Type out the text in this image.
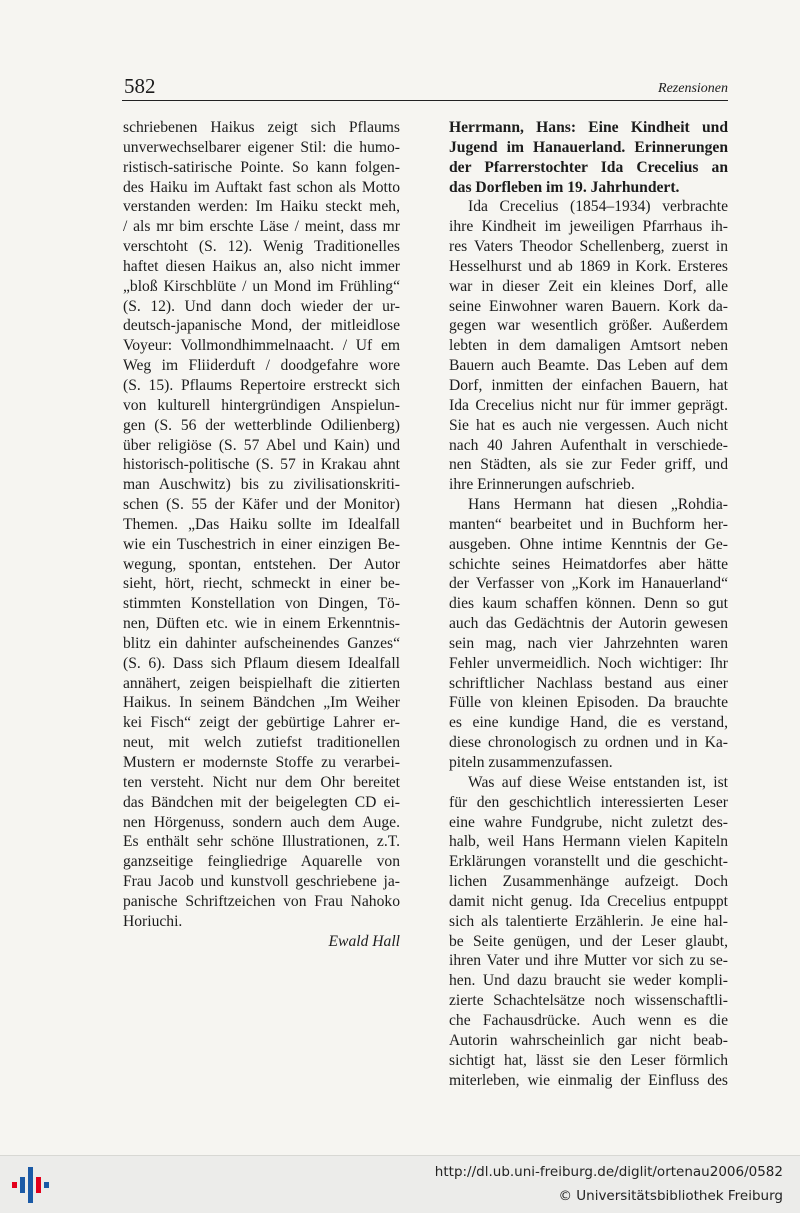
582	Rezensionen
schriebenen Haikus zeigt sich Pflaums
unverwechselbarer eigener Stil: die humo-
ristisch-satirische Pointe. So kann folgen-
des Haiku im Auftakt fast schon als Motto
verstanden werden: Im Haiku steckt meh,
/ als mr bim erschte Läse / meint, dass mr
verschtoht (S. 12). Wenig Traditionelles
haftet diesen Haikus an, also nicht immer
„bloß Kirschblüte / un Mond im Frühling“
(S. 12). Und dann doch wieder der ur-
deutsch-japanische Mond, der mitleidlose
Voyeur: Vollmondhimmelnaacht. / Uf em
Weg im Fliiderduft / doodgefahre wore
(S. 15). Pflaums Repertoire erstreckt sich
von kulturell hintergründigen Anspielun-
gen (S. 56 der wetterblinde Odilienberg)
über religiöse (S. 57 Abel und Kain) und
historisch-politische (S. 57 in Krakau ahnt
man Auschwitz) bis zu zivilisationskriti-
schen (S. 55 der Käfer und der Monitor)
Themen. „Das Haiku sollte im Idealfall
wie ein Tuschestrich in einer einzigen Be-
wegung, spontan, entstehen. Der Autor
sieht, hört, riecht, schmeckt in einer be-
stimmten Konstellation von Dingen, Tö-
nen, Düften etc. wie in einem Erkenntnis-
blitz ein dahinter aufscheinendes Ganzes“
(S. 6). Dass sich Pflaum diesem Idealfall
annähert, zeigen beispielhaft die zitierten
Haikus. In seinem Bändchen „Im Weiher
kei Fisch“ zeigt der gebürtige Lahrer er-
neut, mit welch zutiefst traditionellen
Mustern er modernste Stoffe zu verarbei-
ten versteht. Nicht nur dem Ohr bereitet
das Bändchen mit der beigelegten CD ei-
nen Hörgenuss, sondern auch dem Auge.
Es enthält sehr schöne Illustrationen, z.T.
ganzseitige feingliedrige Aquarelle von
Frau Jacob und kunstvoll geschriebene ja-
panische Schriftzeichen von Frau Nahoko
Horiuchi.
Ewald Hall
Herrmann, Hans: Eine Kindheit und
Jugend im Hanauerland. Erinnerungen
der Pfarrerstochter Ida Crecelius an
das Dorfleben im 19. Jahrhundert.
Ida Crecelius (1854–1934) verbrachte
ihre Kindheit im jeweiligen Pfarrhaus ih-
res Vaters Theodor Schellenberg, zuerst in
Hesselhurst und ab 1869 in Kork. Ersteres
war in dieser Zeit ein kleines Dorf, alle
seine Einwohner waren Bauern. Kork da-
gegen war wesentlich größer. Außerdem
lebten in dem damaligen Amtsort neben
Bauern auch Beamte. Das Leben auf dem
Dorf, inmitten der einfachen Bauern, hat
Ida Crecelius nicht nur für immer geprägt.
Sie hat es auch nie vergessen. Auch nicht
nach 40 Jahren Aufenthalt in verschiede-
nen Städten, als sie zur Feder griff, und
ihre Erinnerungen aufschrieb.
Hans Hermann hat diesen „Rohdia-
manten“ bearbeitet und in Buchform her-
ausgeben. Ohne intime Kenntnis der Ge-
schichte seines Heimatdorfes aber hätte
der Verfasser von „Kork im Hanauerland“
dies kaum schaffen können. Denn so gut
auch das Gedächtnis der Autorin gewesen
sein mag, nach vier Jahrzehnten waren
Fehler unvermeidlich. Noch wichtiger: Ihr
schriftlicher Nachlass bestand aus einer
Fülle von kleinen Episoden. Da brauchte
es eine kundige Hand, die es verstand,
diese chronologisch zu ordnen und in Ka-
piteln zusammenzufassen.
Was auf diese Weise entstanden ist, ist
für den geschichtlich interessierten Leser
eine wahre Fundgrube, nicht zuletzt des-
halb, weil Hans Hermann vielen Kapiteln
Erklärungen voranstellt und die geschicht-
lichen Zusammenhänge aufzeigt. Doch
damit nicht genug. Ida Crecelius entpuppt
sich als talentierte Erzählerin. Je eine hal-
be Seite genügen, und der Leser glaubt,
ihren Vater und ihre Mutter vor sich zu se-
hen. Und dazu braucht sie weder kompli-
zierte Schachtelsätze noch wissenschaftli-
che Fachausdrücke. Auch wenn es die
Autorin wahrscheinlich gar nicht beab-
sichtigt hat, lässt sie den Leser förmlich
miterleben, wie einmalig der Einfluss des
http://dl.ub.uni-freiburg.de/diglit/ortenau2006/0582
© Universitätsbibliothek Freiburg
